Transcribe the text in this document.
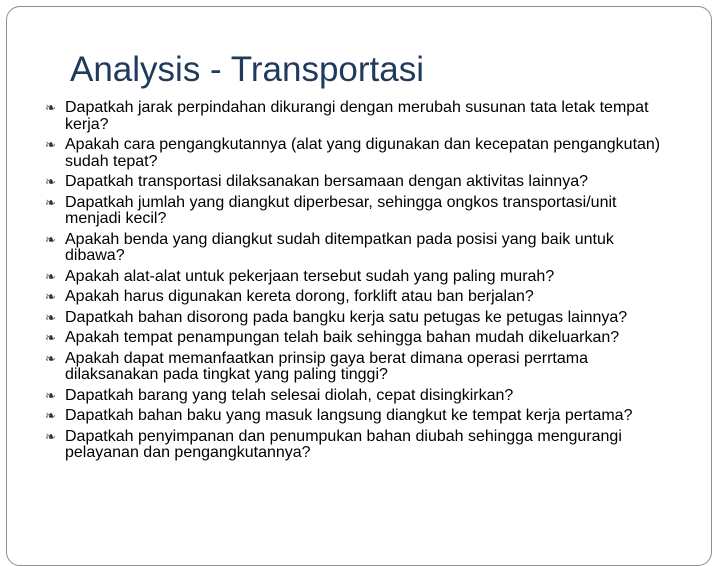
Analysis - Transportasi
❧ Dapatkah jarak perpindahan dikurangi dengan merubah susunan tata letak tempat kerja?
❧ Apakah cara pengangkutannya (alat yang digunakan dan kecepatan pengangkutan) sudah tepat?
❧ Dapatkah transportasi dilaksanakan bersamaan dengan aktivitas lainnya?
❧ Dapatkah jumlah yang diangkut diperbesar, sehingga ongkos transportasi/unit menjadi kecil?
❧ Apakah benda yang diangkut sudah ditempatkan pada posisi yang baik untuk dibawa?
❧ Apakah alat-alat untuk pekerjaan tersebut sudah yang paling murah?
❧ Apakah harus digunakan kereta dorong, forklift atau ban berjalan?
❧ Dapatkah bahan disorong pada bangku kerja satu petugas ke petugas lainnya?
❧ Apakah tempat penampungan telah baik sehingga bahan mudah dikeluarkan?
❧ Apakah dapat memanfaatkan prinsip gaya berat dimana operasi perrtama dilaksanakan pada tingkat yang paling tinggi?
❧ Dapatkah barang yang telah selesai diolah, cepat disingkirkan?
❧ Dapatkah bahan baku yang masuk langsung diangkut ke tempat kerja pertama?
❧ Dapatkah penyimpanan dan penumpukan bahan diubah sehingga mengurangi pelayanan dan pengangkutannya?
